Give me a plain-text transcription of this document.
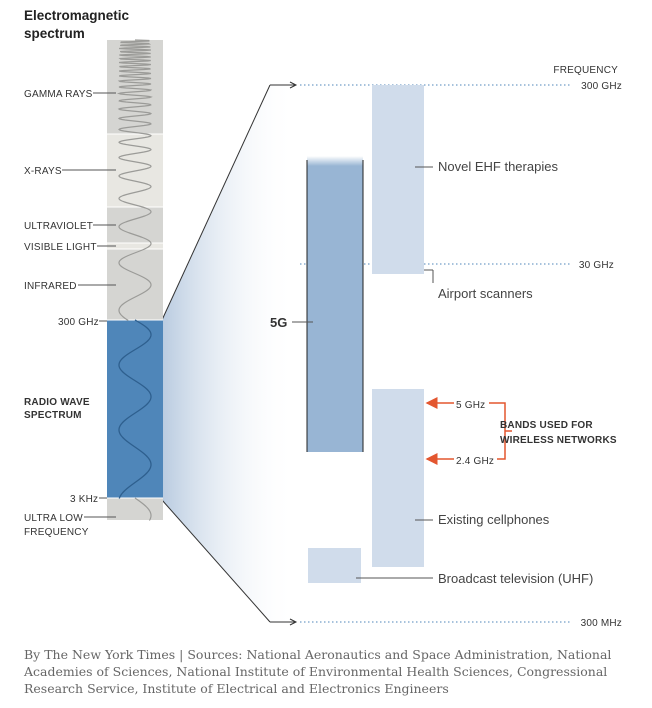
Electromagnetic
spectrum
GAMMA RAYS
X-RAYS
ULTRAVIOLET
VISIBLE LIGHT
INFRARED
300 GHz
RADIO WAVE
SPECTRUM
3 KHz
ULTRA LOW
FREQUENCY
FREQUENCY
300 GHz
30 GHz
300 MHz
5G
Novel EHF therapies
Airport scanners
Existing cellphones
Broadcast television (UHF)
5 GHz
2.4 GHz
BANDS USED FOR
WIRELESS NETWORKS
By The New York Times | Sources: National Aeronautics and Space Administration, National Academies of Sciences, National Institute of Environmental Health Sciences, Congressional Research Service, Institute of Electrical and Electronics Engineers
